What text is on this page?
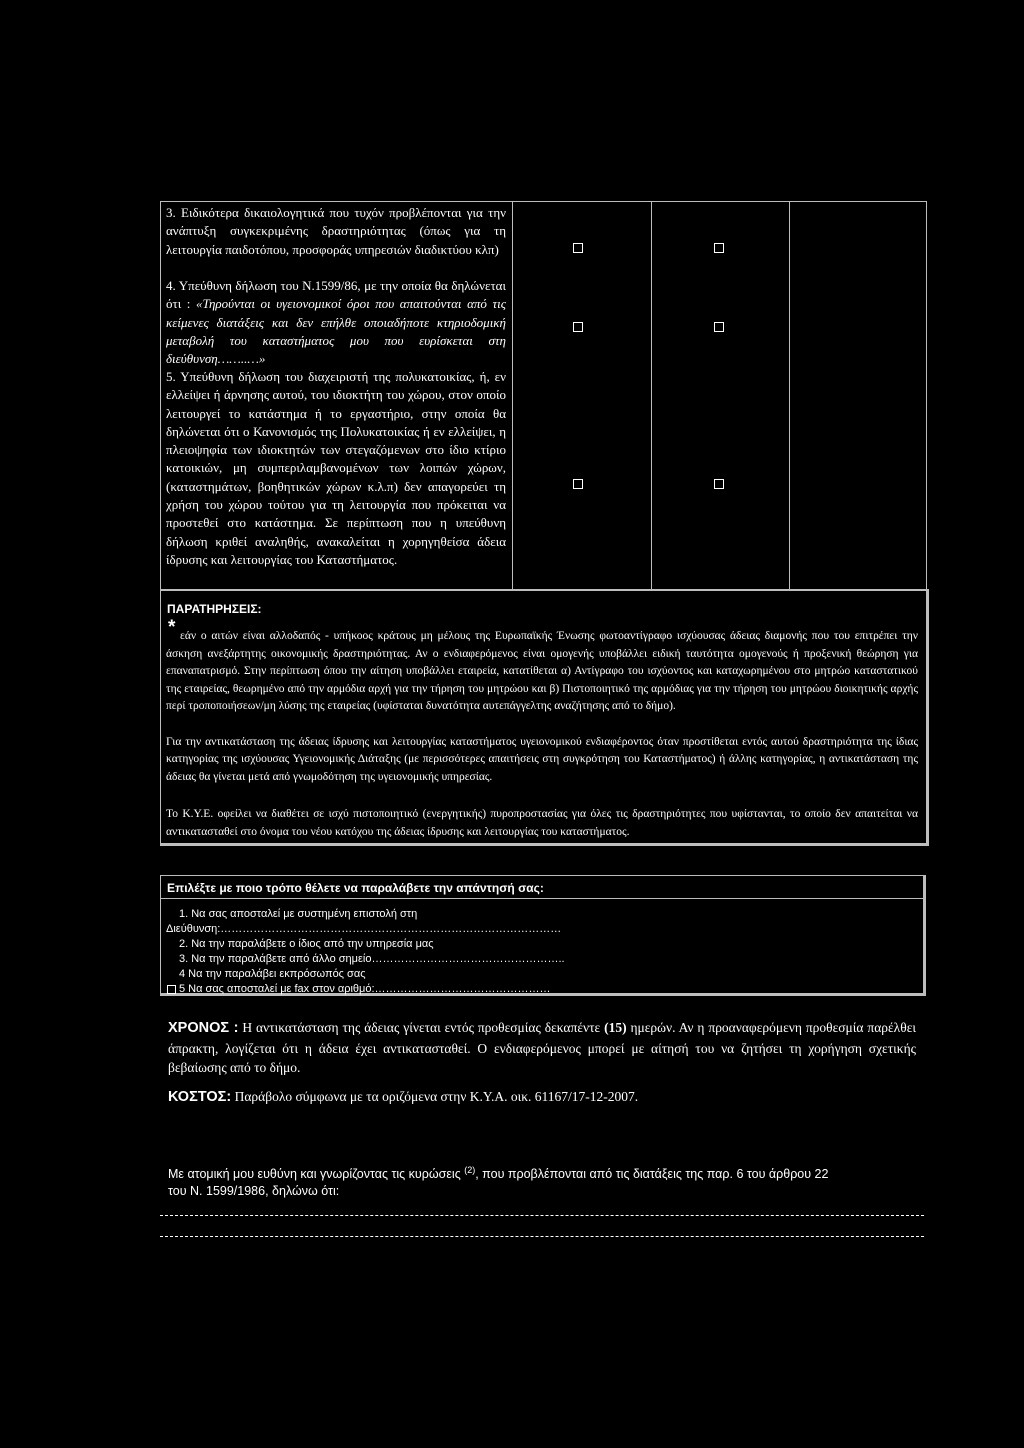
3. Ειδικότερα δικαιολογητικά που τυχόν προβλέπονται για την ανάπτυξη συγκεκριμένης δραστηριότητας (όπως για τη λειτουργία παιδοτόπου, προσφοράς υπηρεσιών διαδικτύου κλπ)
4. Υπεύθυνη δήλωση του Ν.1599/86, με την οποία θα δηλώνεται ότι : «Τηρούνται οι υγειονομικοί όροι που απαιτούνται από τις κείμενες διατάξεις και δεν επήλθε οποιαδήποτε κτηριοδομική μεταβολή του καταστήματος μου που ευρίσκεται στη διεύθυνση……..…»
5. Υπεύθυνη δήλωση του διαχειριστή της πολυκατοικίας, ή, εν ελλείψει ή άρνησης αυτού, του ιδιοκτήτη του χώρου, στον οποίο λειτουργεί το κατάστημα ή το εργαστήριο, στην οποία θα δηλώνεται ότι ο Κανονισμός της Πολυκατοικίας ή εν ελλείψει, η πλειοψηφία των ιδιοκτητών των στεγαζόμενων στο ίδιο κτίριο κατοικιών, μη συμπεριλαμβανομένων των λοιπών χώρων, (καταστημάτων, βοηθητικών χώρων κ.λ.π) δεν απαγορεύει τη χρήση του χώρου τούτου για τη λειτουργία που πρόκειται να προστεθεί στο κατάστημα. Σε περίπτωση που η υπεύθυνη δήλωση κριθεί αναληθής, ανακαλείται η χορηγηθείσα άδεια ίδρυσης και λειτουργίας του Καταστήματος.
ΠΑΡΑΤΗΡΗΣΕΙΣ:

* εάν ο αιτών είναι αλλοδαπός - υπήκοος κράτους μη μέλους της Ευρωπαϊκής Ένωσης φωτοαντίγραφο ισχύουσας άδειας διαμονής που του επιτρέπει την άσκηση ανεξάρτητης οικονομικής δραστηριότητας. Αν ο ενδιαφερόμενος είναι ομογενής υποβάλλει ειδική ταυτότητα ομογενούς ή προξενική θεώρηση για επαναπατρισμό. Στην περίπτωση όπου την αίτηση υποβάλλει εταιρεία, κατατίθεται α) Αντίγραφο του ισχύοντος και καταχωρημένου στο μητρώο καταστατικού της εταιρείας, θεωρημένο από την αρμόδια αρχή για την τήρηση του μητρώου και β) Πιστοποιητικό της αρμόδιας για την τήρηση του μητρώου διοικητικής αρχής περί τροποποιήσεων/μη λύσης της εταιρείας (υφίσταται δυνατότητα αυτεπάγγελτης αναζήτησης από το δήμο).

Για την αντικατάσταση της άδειας ίδρυσης και λειτουργίας καταστήματος υγειονομικού ενδιαφέροντος όταν προστίθεται εντός αυτού δραστηριότητα της ίδιας κατηγορίας της ισχύουσας Υγειονομικής Διάταξης (με περισσότερες απαιτήσεις στη συγκρότηση του Καταστήματος) ή άλλης κατηγορίας, η αντικατάσταση της άδειας θα γίνεται μετά από γνωμοδότηση της υγειονομικής υπηρεσίας.

Το Κ.Υ.Ε. οφείλει να διαθέτει σε ισχύ πιστοποιητικό (ενεργητικής) πυροπροστασίας για όλες τις δραστηριότητες που υφίστανται, το οποίο δεν απαιτείται να αντικατασταθεί στο όνομα του νέου κατόχου της άδειας ίδρυσης και λειτουργίας του καταστήματος.

Επιλέξτε με ποιο τρόπο θέλετε να παραλάβετε την απάντησή σας:
1. Να σας αποσταλεί με συστημένη επιστολή στη
Διεύθυνση:…………………………………………………………………………………
2. Να την παραλάβετε ο ίδιος από την υπηρεσία μας
3. Να την παραλάβετε από άλλο σημείο……………………………………………..
4 Να την παραλάβει εκπρόσωπός σας
5 Να σας αποσταλεί με fax στον αριθμό:…………………………………………
ΧΡΟΝΟΣ : Η αντικατάσταση της άδειας γίνεται εντός προθεσμίας δεκαπέντε (15) ημερών. Αν η προαναφερόμενη προθεσμία παρέλθει άπρακτη, λογίζεται ότι η άδεια έχει αντικατασταθεί. Ο ενδιαφερόμενος μπορεί με αίτησή του να ζητήσει τη χορήγηση σχετικής βεβαίωσης από το δήμο.
ΚΟΣΤΟΣ: Παράβολο σύμφωνα με τα οριζόμενα στην Κ.Υ.Α. οικ. 61167/17-12-2007.
Με ατομική μου ευθύνη και γνωρίζοντας τις κυρώσεις $^{(2)}$, που προβλέπονται από τις διατάξεις της παρ. 6 του άρθρου 22
του Ν. 1599/1986, δηλώνω ότι:
